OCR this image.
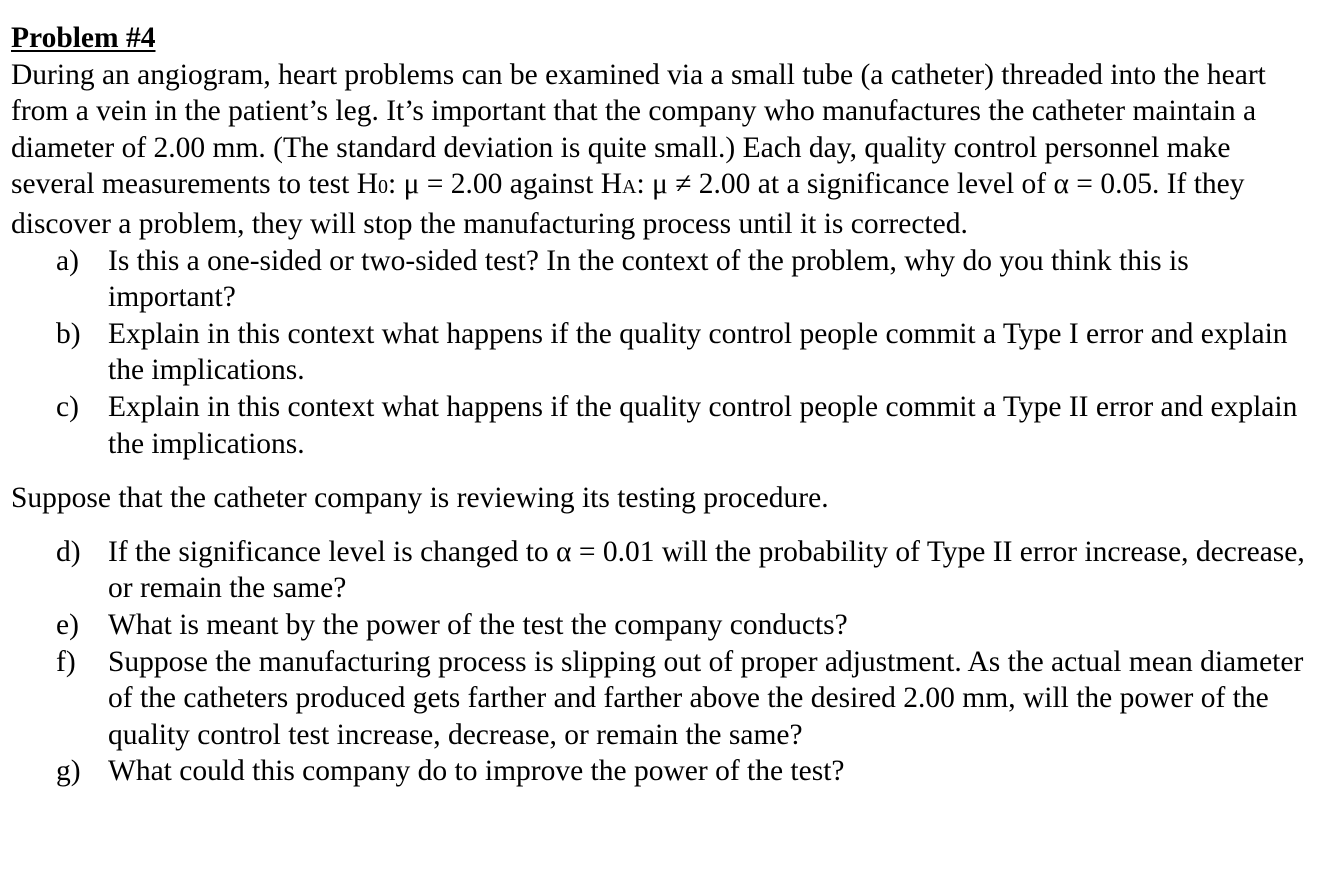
Problem #4
During an angiogram, heart problems can be examined via a small tube (a catheter) threaded into the heart from a vein in the patient’s leg. It’s important that the company who manufactures the catheter maintain a diameter of 2.00 mm. (The standard deviation is quite small.) Each day, quality control personnel make several measurements to test H0: μ = 2.00 against HA: μ ≠ 2.00 at a significance level of α = 0.05. If they discover a problem, they will stop the manufacturing process until it is corrected.
a) Is this a one-sided or two-sided test? In the context of the problem, why do you think this is important?
b) Explain in this context what happens if the quality control people commit a Type I error and explain the implications.
c) Explain in this context what happens if the quality control people commit a Type II error and explain the implications.
Suppose that the catheter company is reviewing its testing procedure.
d) If the significance level is changed to α = 0.01 will the probability of Type II error increase, decrease, or remain the same?
e) What is meant by the power of the test the company conducts?
f) Suppose the manufacturing process is slipping out of proper adjustment. As the actual mean diameter of the catheters produced gets farther and farther above the desired 2.00 mm, will the power of the quality control test increase, decrease, or remain the same?
g) What could this company do to improve the power of the test?
